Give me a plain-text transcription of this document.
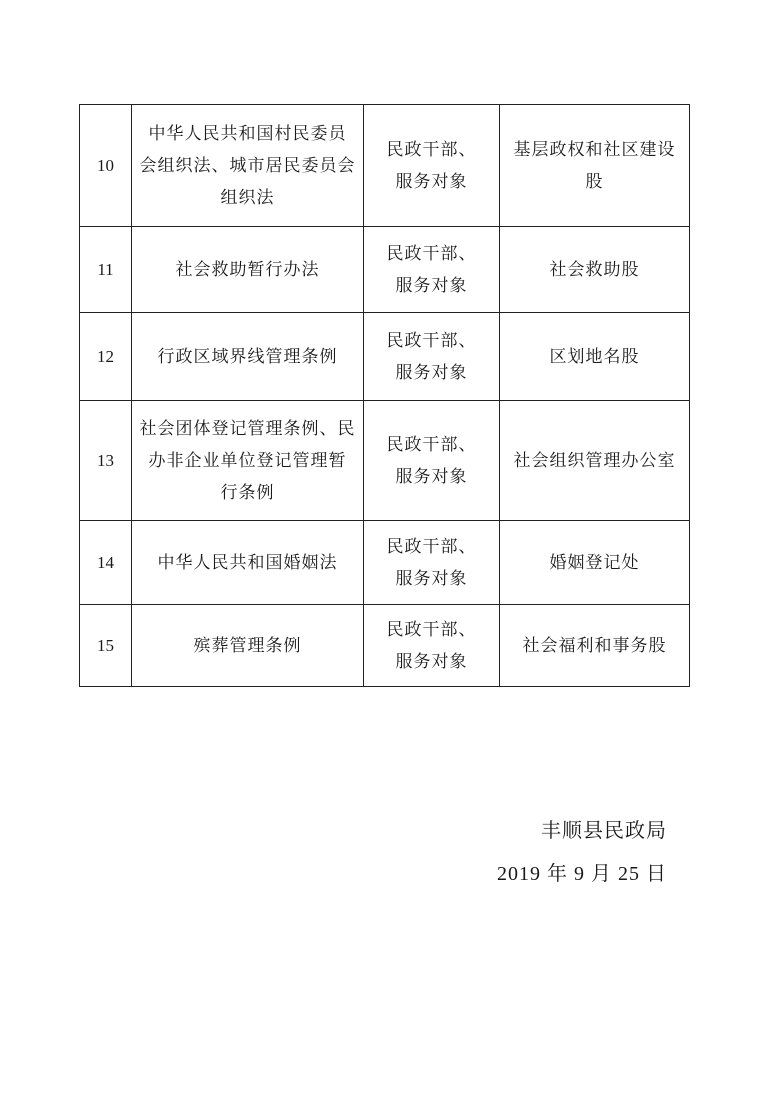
10	中华人民共和国村民委员
会组织法、城市居民委员会
组织法	民政干部、
服务对象	基层政权和社区建设
股
11	社会救助暂行办法	民政干部、
服务对象	社会救助股
12	行政区域界线管理条例	民政干部、
服务对象	区划地名股
13	社会团体登记管理条例、民
办非企业单位登记管理暂
行条例	民政干部、
服务对象	社会组织管理办公室
14	中华人民共和国婚姻法	民政干部、
服务对象	婚姻登记处
15	殡葬管理条例	民政干部、
服务对象	社会福利和事务股
丰顺县民政局
2019 年 9 月 25 日
